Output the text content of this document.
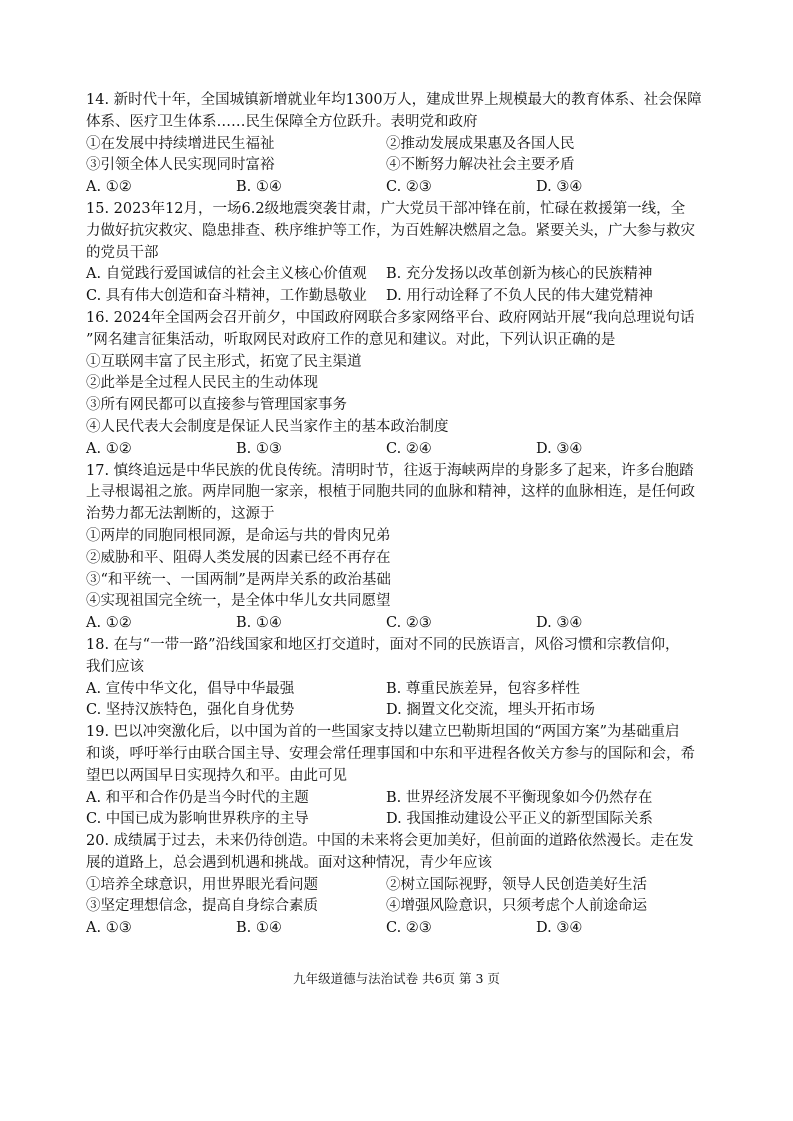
14. 新时代十年，全国城镇新增就业年均1300万人，建成世界上规模最大的教育体系、社会保障
体系、医疗卫生体系……民生保障全方位跃升。表明党和政府
①在发展中持续增进民生福祉	②推动发展成果惠及各国人民
③引领全体人民实现同时富裕	④不断努力解决社会主要矛盾
A. ①②	B. ①④	C. ②③	D. ③④
15. 2023年12月，一场6.2级地震突袭甘肃，广大党员干部冲锋在前，忙碌在救援第一线，全
力做好抗灾救灾、隐患排查、秩序维护等工作，为百姓解决燃眉之急。紧要关头，广大参与救灾
的党员干部
A. 自觉践行爱国诚信的社会主义核心价值观	B. 充分发扬以改革创新为核心的民族精神
C. 具有伟大创造和奋斗精神，工作勤恳敬业	D. 用行动诠释了不负人民的伟大建党精神
16. 2024年全国两会召开前夕，中国政府网联合多家网络平台、政府网站开展“我向总理说句话
”网名建言征集活动，听取网民对政府工作的意见和建议。对此，下列认识正确的是
①互联网丰富了民主形式，拓宽了民主渠道
②此举是全过程人民民主的生动体现
③所有网民都可以直接参与管理国家事务
④人民代表大会制度是保证人民当家作主的基本政治制度
A. ①②	B. ①③	C. ②④	D. ③④
17. 慎终追远是中华民族的优良传统。清明时节，往返于海峡两岸的身影多了起来，许多台胞踏
上寻根谒祖之旅。两岸同胞一家亲，根植于同胞共同的血脉和精神，这样的血脉相连，是任何政
治势力都无法割断的，这源于
①两岸的同胞同根同源，是命运与共的骨肉兄弟
②威胁和平、阻碍人类发展的因素已经不再存在
③“和平统一、一国两制”是两岸关系的政治基础
④实现祖国完全统一，是全体中华儿女共同愿望
A. ①②	B. ①④	C. ②③	D. ③④
18. 在与“一带一路”沿线国家和地区打交道时，面对不同的民族语言，风俗习惯和宗教信仰，
我们应该
A. 宣传中华文化，倡导中华最强	B. 尊重民族差异，包容多样性
C. 坚持汉族特色，强化自身优势	D. 搁置文化交流，埋头开拓市场
19. 巴以冲突激化后，以中国为首的一些国家支持以建立巴勒斯坦国的“两国方案”为基础重启
和谈，呼吁举行由联合国主导、安理会常任理事国和中东和平进程各攸关方参与的国际和会，希
望巴以两国早日实现持久和平。由此可见
A. 和平和合作仍是当今时代的主题	B. 世界经济发展不平衡现象如今仍然存在
C. 中国已成为影响世界秩序的主导	D. 我国推动建设公平正义的新型国际关系
20. 成绩属于过去，未来仍待创造。中国的未来将会更加美好，但前面的道路依然漫长。走在发
展的道路上，总会遇到机遇和挑战。面对这种情况，青少年应该
①培养全球意识，用世界眼光看问题	②树立国际视野，领导人民创造美好生活
③坚定理想信念，提高自身综合素质	④增强风险意识，只须考虑个人前途命运
A. ①③	B. ①④	C. ②③	D. ③④
九年级道德与法治试卷 共6页 第 3 页
